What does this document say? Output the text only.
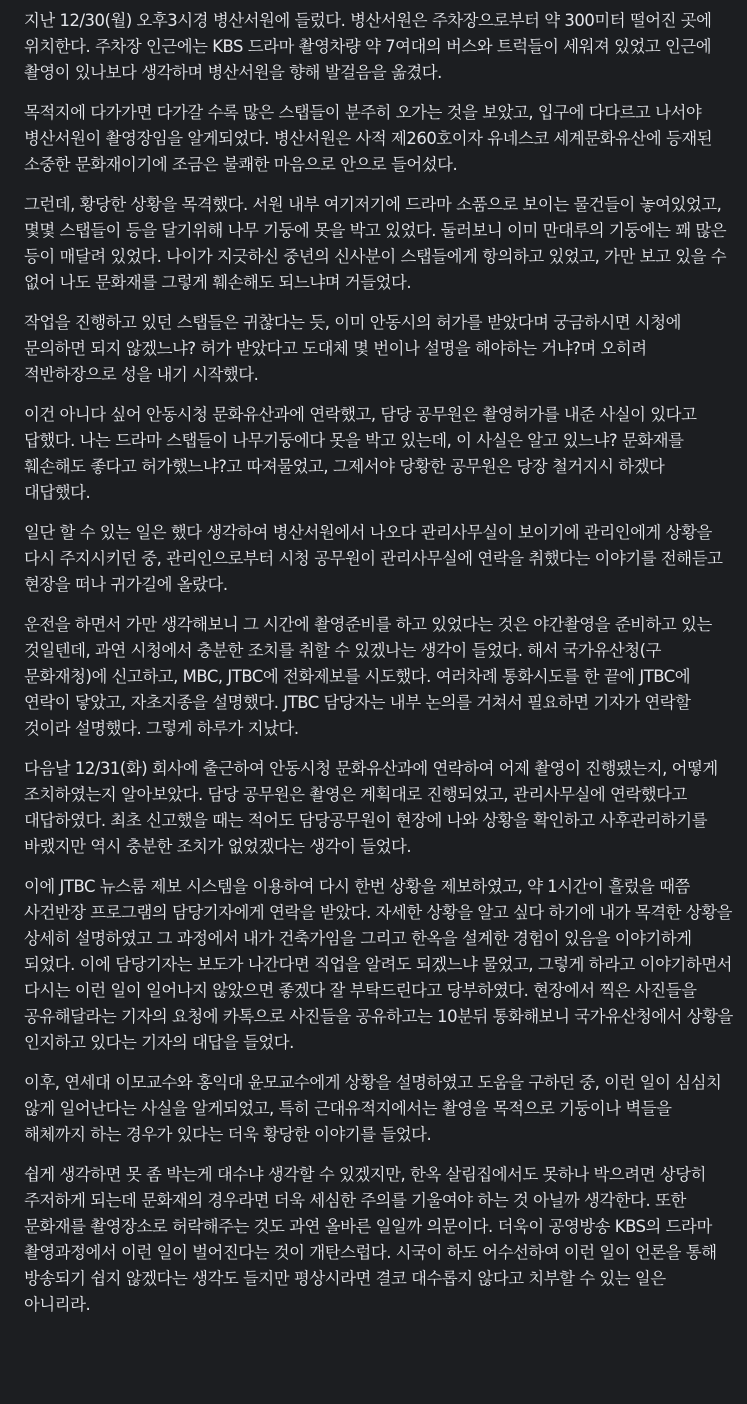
지난 12/30(월) 오후3시경 병산서원에 들렀다. 병산서원은 주차장으로부터 약 300미터 떨어진 곳에 위치한다. 주차장 인근에는 KBS 드라마 촬영차량 약 7여대의 버스와 트럭들이 세워져 있었고 인근에 촬영이 있나보다 생각하며 병산서원을 향해 발걸음을 옮겼다.

목적지에 다가가면 다가갈 수록 많은 스탭들이 분주히 오가는 것을 보았고, 입구에 다다르고 나서야 병산서원이 촬영장임을 알게되었다. 병산서원은 사적 제260호이자 유네스코 세계문화유산에 등재된 소중한 문화재이기에 조금은 불쾌한 마음으로 안으로 들어섰다.

그런데, 황당한 상황을 목격했다. 서원 내부 여기저기에 드라마 소품으로 보이는 물건들이 놓여있었고, 몇몇 스탭들이 등을 달기위해 나무 기둥에 못을 박고 있었다. 둘러보니 이미 만대루의 기둥에는 꽤 많은 등이 매달려 있었다. 나이가 지긋하신 중년의 신사분이 스탭들에게 항의하고 있었고, 가만 보고 있을 수 없어 나도 문화재를 그렇게 훼손해도 되느냐며 거들었다.

작업을 진행하고 있던 스탭들은 귀찮다는 듯, 이미 안동시의 허가를 받았다며 궁금하시면 시청에 문의하면 되지 않겠느냐? 허가 받았다고 도대체 몇 번이나 설명을 해야하는 거냐?며 오히려 적반하장으로 성을 내기 시작했다.

이건 아니다 싶어 안동시청 문화유산과에 연락했고, 담당 공무원은 촬영허가를 내준 사실이 있다고 답했다. 나는 드라마 스탭들이 나무기둥에다 못을 박고 있는데, 이 사실은 알고 있느냐? 문화재를 훼손해도 좋다고 허가했느냐?고 따져물었고, 그제서야 당황한 공무원은 당장 철거지시 하겠다 대답했다.

일단 할 수 있는 일은 했다 생각하여 병산서원에서 나오다 관리사무실이 보이기에 관리인에게 상황을 다시 주지시키던 중, 관리인으로부터 시청 공무원이 관리사무실에 연락을 취했다는 이야기를 전해듣고 현장을 떠나 귀가길에 올랐다.

운전을 하면서 가만 생각해보니 그 시간에 촬영준비를 하고 있었다는 것은 야간촬영을 준비하고 있는 것일텐데, 과연 시청에서 충분한 조치를 취할 수 있겠나는 생각이 들었다. 해서 국가유산청(구 문화재청)에 신고하고, MBC, JTBC에 전화제보를 시도했다. 여러차례 통화시도를 한 끝에 JTBC에 연락이 닿았고, 자초지종을 설명했다. JTBC 담당자는 내부 논의를 거쳐서 필요하면 기자가 연락할 것이라 설명했다. 그렇게 하루가 지났다.

다음날 12/31(화) 회사에 출근하여 안동시청 문화유산과에 연락하여 어제 촬영이 진행됐는지, 어떻게 조치하였는지 알아보았다. 담당 공무원은 촬영은 계획대로 진행되었고, 관리사무실에 연락했다고 대답하였다. 최초 신고했을 때는 적어도 담당공무원이 현장에 나와 상황을 확인하고 사후관리하기를 바랬지만 역시 충분한 조치가 없었겠다는 생각이 들었다.

이에 JTBC 뉴스룸 제보 시스템을 이용하여 다시 한번 상황을 제보하였고, 약 1시간이 흘렀을 때쯤 사건반장 프로그램의 담당기자에게 연락을 받았다. 자세한 상황을 알고 싶다 하기에 내가 목격한 상황을 상세히 설명하였고 그 과정에서 내가 건축가임을 그리고 한옥을 설계한 경험이 있음을 이야기하게 되었다. 이에 담당기자는 보도가 나간다면 직업을 알려도 되겠느냐 물었고, 그렇게 하라고 이야기하면서 다시는 이런 일이 일어나지 않았으면 좋겠다 잘 부탁드린다고 당부하였다. 현장에서 찍은 사진들을 공유해달라는 기자의 요청에 카톡으로 사진들을 공유하고는 10분뒤 통화해보니 국가유산청에서 상황을 인지하고 있다는 기자의 대답을 들었다.

이후, 연세대 이모교수와 홍익대 윤모교수에게 상황을 설명하였고 도움을 구하던 중, 이런 일이 심심치 않게 일어난다는 사실을 알게되었고, 특히 근대유적지에서는 촬영을 목적으로 기둥이나 벽들을 해체까지 하는 경우가 있다는 더욱 황당한 이야기를 들었다.

쉽게 생각하면 못 좀 박는게 대수냐 생각할 수 있겠지만, 한옥 살림집에서도 못하나 박으려면 상당히 주저하게 되는데 문화재의 경우라면 더욱 세심한 주의를 기울여야 하는 것 아닐까 생각한다. 또한 문화재를 촬영장소로 허락해주는 것도 과연 올바른 일일까 의문이다. 더욱이 공영방송 KBS의 드라마 촬영과정에서 이런 일이 벌어진다는 것이 개탄스럽다. 시국이 하도 어수선하여 이런 일이 언론을 통해 방송되기 쉽지 않겠다는 생각도 들지만 평상시라면 결코 대수롭지 않다고 치부할 수 있는 일은 아니리라.
